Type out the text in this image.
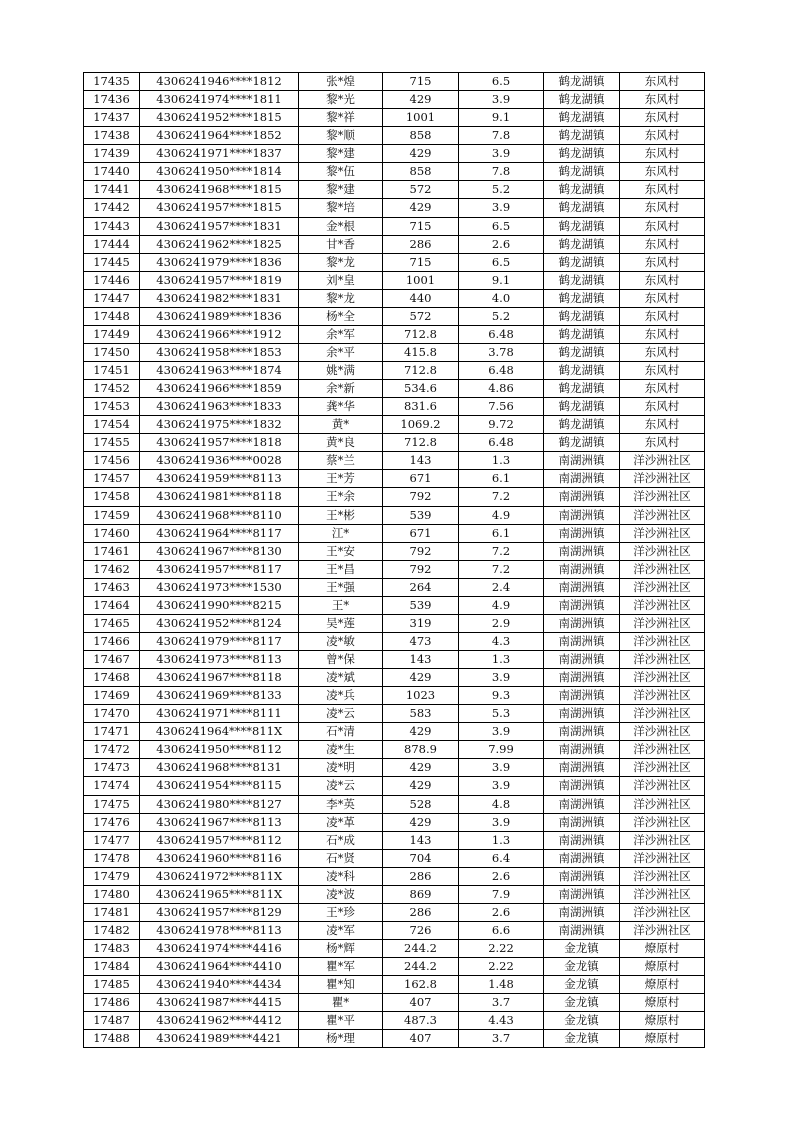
17435	4306241946****1812	张*煌	715	6.5	鹤龙湖镇	东风村
17436	4306241974****1811	黎*光	429	3.9	鹤龙湖镇	东风村
17437	4306241952****1815	黎*祥	1001	9.1	鹤龙湖镇	东风村
17438	4306241964****1852	黎*顺	858	7.8	鹤龙湖镇	东风村
17439	4306241971****1837	黎*建	429	3.9	鹤龙湖镇	东风村
17440	4306241950****1814	黎*伍	858	7.8	鹤龙湖镇	东风村
17441	4306241968****1815	黎*建	572	5.2	鹤龙湖镇	东风村
17442	4306241957****1815	黎*培	429	3.9	鹤龙湖镇	东风村
17443	4306241957****1831	金*根	715	6.5	鹤龙湖镇	东风村
17444	4306241962****1825	甘*香	286	2.6	鹤龙湖镇	东风村
17445	4306241979****1836	黎*龙	715	6.5	鹤龙湖镇	东风村
17446	4306241957****1819	刘*皇	1001	9.1	鹤龙湖镇	东风村
17447	4306241982****1831	黎*龙	440	4.0	鹤龙湖镇	东风村
17448	4306241989****1836	杨*全	572	5.2	鹤龙湖镇	东风村
17449	4306241966****1912	余*军	712.8	6.48	鹤龙湖镇	东风村
17450	4306241958****1853	余*平	415.8	3.78	鹤龙湖镇	东风村
17451	4306241963****1874	姚*满	712.8	6.48	鹤龙湖镇	东风村
17452	4306241966****1859	余*新	534.6	4.86	鹤龙湖镇	东风村
17453	4306241963****1833	龚*华	831.6	7.56	鹤龙湖镇	东风村
17454	4306241975****1832	黄*	1069.2	9.72	鹤龙湖镇	东风村
17455	4306241957****1818	黄*良	712.8	6.48	鹤龙湖镇	东风村
17456	4306241936****0028	蔡*兰	143	1.3	南湖洲镇	洋沙洲社区
17457	4306241959****8113	王*芳	671	6.1	南湖洲镇	洋沙洲社区
17458	4306241981****8118	王*余	792	7.2	南湖洲镇	洋沙洲社区
17459	4306241968****8110	王*彬	539	4.9	南湖洲镇	洋沙洲社区
17460	4306241964****8117	江*	671	6.1	南湖洲镇	洋沙洲社区
17461	4306241967****8130	王*安	792	7.2	南湖洲镇	洋沙洲社区
17462	4306241957****8117	王*昌	792	7.2	南湖洲镇	洋沙洲社区
17463	4306241973****1530	王*强	264	2.4	南湖洲镇	洋沙洲社区
17464	4306241990****8215	王*	539	4.9	南湖洲镇	洋沙洲社区
17465	4306241952****8124	吴*莲	319	2.9	南湖洲镇	洋沙洲社区
17466	4306241979****8117	凌*敏	473	4.3	南湖洲镇	洋沙洲社区
17467	4306241973****8113	曾*保	143	1.3	南湖洲镇	洋沙洲社区
17468	4306241967****8118	凌*斌	429	3.9	南湖洲镇	洋沙洲社区
17469	4306241969****8133	凌*兵	1023	9.3	南湖洲镇	洋沙洲社区
17470	4306241971****8111	凌*云	583	5.3	南湖洲镇	洋沙洲社区
17471	4306241964****811X	石*清	429	3.9	南湖洲镇	洋沙洲社区
17472	4306241950****8112	凌*生	878.9	7.99	南湖洲镇	洋沙洲社区
17473	4306241968****8131	凌*明	429	3.9	南湖洲镇	洋沙洲社区
17474	4306241954****8115	凌*云	429	3.9	南湖洲镇	洋沙洲社区
17475	4306241980****8127	李*英	528	4.8	南湖洲镇	洋沙洲社区
17476	4306241967****8113	凌*革	429	3.9	南湖洲镇	洋沙洲社区
17477	4306241957****8112	石*成	143	1.3	南湖洲镇	洋沙洲社区
17478	4306241960****8116	石*贤	704	6.4	南湖洲镇	洋沙洲社区
17479	4306241972****811X	凌*科	286	2.6	南湖洲镇	洋沙洲社区
17480	4306241965****811X	凌*波	869	7.9	南湖洲镇	洋沙洲社区
17481	4306241957****8129	王*珍	286	2.6	南湖洲镇	洋沙洲社区
17482	4306241978****8113	凌*军	726	6.6	南湖洲镇	洋沙洲社区
17483	4306241974****4416	杨*辉	244.2	2.22	金龙镇	燎原村
17484	4306241964****4410	瞿*军	244.2	2.22	金龙镇	燎原村
17485	4306241940****4434	瞿*知	162.8	1.48	金龙镇	燎原村
17486	4306241987****4415	瞿*	407	3.7	金龙镇	燎原村
17487	4306241962****4412	瞿*平	487.3	4.43	金龙镇	燎原村
17488	4306241989****4421	杨*理	407	3.7	金龙镇	燎原村
